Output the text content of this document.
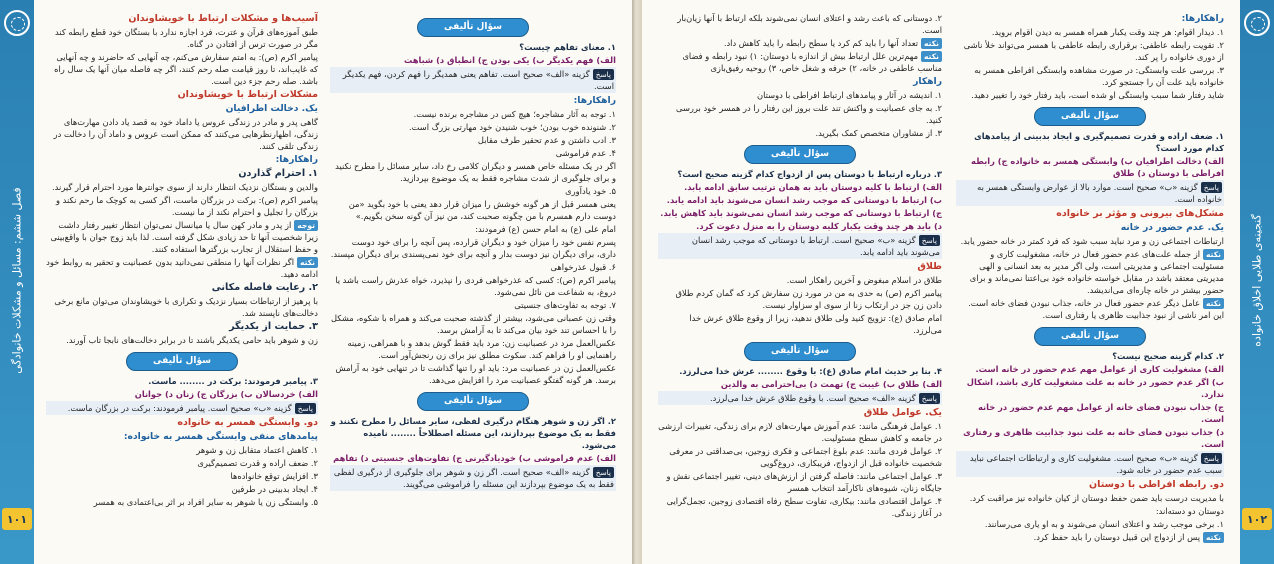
آسیب‌ها و مشکلات ارتباط با خویشاوندان
طبق آموزه‌های قرآن و عترت، فرد اجازه ندارد با بستگان خود قطع رابطه کند مگر در صورت ترس از افتادن در گناه.
پیامبر اکرم (ص): به امتم سفارش می‌کنم، چه آنهایی که حاضرند و چه آنهایی که غایب‌اند، تا روز قیامت صله رحم کنند، اگر چه فاصله میان آنها یک سال راه باشد. صله رحم جزء دین است.
مشکلات ارتباط با خویشاوندان
یک. دخالت اطرافیان
گاهی پدر و مادر در زندگی عروس یا داماد خود به قصد یاد دادن مهارت‌های زندگی، اظهارنظرهایی می‌کنند که ممکن است عروس و داماد آن را دخالت در زندگی تلقی کنند.
راهکارها:
۱. احترام گذاردن
والدین و بستگان نزدیک انتظار دارند از سوی جوانترها مورد احترام قرار گیرند.
پیامبر اکرم (ص): برکت در بزرگان ماست، اگر کسی به کوچک ما رحم نکند و بزرگان را تجلیل و احترام نکند از ما نیست.
توجهاز پدر و مادر کهن سال یا میانسال نمی‌توان انتظار تغییر رفتار داشت زیرا شخصیت آنها تا حد زیادی شکل گرفته است. لذا باید زوج جوان با واقع‌بینی و حفظ استقلال از تجارب بزرگترها استفاده کنند.
نکتهاگر نظرات آنها را منطقی نمی‌دانید بدون عصبانیت و تحقیر به روابط خود ادامه دهید.
۲. رعایت فاصله مکانی
با پرهیز از ارتباطات بسیار نزدیک و تکراری با خویشاوندان می‌توان مانع برخی دخالت‌های ناپسند شد.
۳. حمایت از یکدیگر
زن و شوهر باید حامی یکدیگر باشند تا در برابر دخالت‌های نابجا تاب آورند.
سؤال تألیفی
۳. پیامبر فرمودند: برکت در ........ ماست.
الف) خردسالان ب) بزرگان ج) زنان د) جوانان
پاسخگزینه «ب» صحیح است. پیامبر فرمودند: برکت در بزرگان ماست.
دو. وابستگی همسر به خانواده
پیامدهای منفی وابستگی همسر به خانواده:
۱. کاهش اعتماد متقابل زن و شوهر
۲. ضعف اراده و قدرت تصمیم‌گیری
۳. افزایش توقع خانواده‌ها
۴. ایجاد بدبینی در طرفین
۵. وابستگی زن یا شوهر به سایر افراد بر اثر بی‌اعتمادی به همسر
سؤال تألیفی
۱. معنای تفاهم چیست؟
الف) فهم یکدیگر ب) یکی بودن ج) انطباق د) شباهت
پاسخگزینه «الف» صحیح است. تفاهم یعنی همدیگر را فهم کردن، فهم یکدیگر است.
راهکارها:
۱. توجه به آثار مشاجره؛ هیچ کس در مشاجره برنده نیست.
۲. شنونده خوب بودن؛ خوب شنیدن خود مهارتی بزرگ است.
۳. ادب داشتن و عدم تحقیر طرف مقابل
۴. عدم فراموشی
اگر در یک مسئله خاص همسر و دیگران کلامی رخ داد، سایر مسائل را مطرح نکنید و برای جلوگیری از شدت مشاجره فقط به یک موضوع بپردازید.
۵. خود یادآوری
یعنی همسر قبل از هر گونه خوشش را میزان قرار دهد یعنی با خود بگوید «من دوست دارم همسرم با من چگونه صحبت کند، من نیز آن گونه سخن بگویم.»
امام علی (ع) به امام حسن (ع) فرمودند:
پسرم نفس خود را میزان خود و دیگران قرارده، پس آنچه را برای خود دوست داری، برای دیگران نیز دوست بدار و آنچه برای خود نمی‌پسندی برای دیگران مپسند.
۶. قبول عذرخواهی
پیامبر اکرم (ص): کسی که عذرخواهی فردی را نپذیرد، خواه عذرش راست باشد یا دروغ، به شفاعت من نائل نمی‌شود.
۷. توجه به تفاوت‌های جنسیتی
وقتی زن عصبانی می‌شود، بیشتر از گذشته صحبت می‌کند و همراه با شکوه، مشکل را با احساس تند خود بیان می‌کند تا به آرامش برسد.
عکس‌العمل مرد در عصبانیت زن: مرد باید فقط گوش بدهد و با همراهی، زمینه راهنمایی او را فراهم کند. سکوت مطلق نیز برای زن رنجش‌آور است.
عکس‌العمل زن در عصبانیت مرد: باید او را تنها گذاشت تا در تنهایی خود به آرامش برسد. هر گونه گفتگو عصبانیت مرد را افزایش می‌دهد.
سؤال تألیفی
۲. اگر زن و شوهر هنگام درگیری لفظی، سایر مسائل را مطرح نکنند و فقط به یک موضوع بپردازند، این مسئله اصطلاحاً ........ نامیده می‌شود.
الف) عدم فراموشی ب) خودیادگیرنی ج) تفاوت‌های جنسیتی د) تفاهم
پاسخگزینه «الف» صحیح است. اگر زن و شوهر برای جلوگیری از درگیری لفظی فقط به یک موضوع بپردازند این مسئله را فراموشی می‌گویند.
فصل ششم: مسائل و مشکلات خانوادگی
۱۰۱
۲. دوستانی که باعث رشد و اعتلای انسان نمی‌شوند بلکه ارتباط با آنها زیان‌بار است.
نکتهتعداد آنها را باید کم کرد یا سطح رابطه را باید کاهش داد.
نکتهمهم‌ترین علل ارتباط بیش از اندازه با دوستان: ۱) نبود رابطه و فضای مناسب عاطفی در خانه، ۲) حرفه و شغل خاص، ۳) روحیه رفیق‌بازی
راهکار
۱. اندیشه در آثار و پیامدهای ارتباط افراطی با دوستان
۲. به جای عصبانیت و واکنش تند علت بروز این رفتار را در همسر خود بررسی کنید.
۳. از مشاوران متخصص کمک بگیرید.
سؤال تألیفی
۳. درباره ارتباط با دوستان پس از ازدواج کدام گزینه صحیح است؟
الف) ارتباط با کلیه دوستان باید به همان ترتیب سابق ادامه یابد.
ب) ارتباط با دوستانی که موجب رشد انسان می‌شوند باید ادامه یابد.
ج) ارتباط با دوستانی که موجب رشد انسان نمی‌شوند باید کاهش یابد.
د) باید هر چند وقت یکبار کلیه دوستان را به منزل دعوت کرد.
پاسخگزینه «ب» صحیح است. ارتباط با دوستانی که موجب رشد انسان می‌شوند باید ادامه یابد.
طلاق
طلاق در اسلام مبغوض و آخرین راهکار است.
پیامبر اکرم (ص) به حدی به من در مورد زن سفارش کرد که گمان کردم طلاق دادن زن جز در ارتکاب زنا از سوی او سزاوار نیست.
امام صادق (ع): تزویج کنید ولی طلاق ندهید، زیرا از وقوع طلاق عرش خدا می‌لرزد.
سؤال تألیفی
۴. بنا بر حدیث امام صادق (ع): با وقوع ........ عرش خدا می‌لرزد.
الف) طلاق ب) غیبت ج) تهمت د) بی‌احترامی به والدین
پاسخگزینه «الف» صحیح است. با وقوع طلاق عرش خدا می‌لرزد.
یک. عوامل طلاق
۱. عوامل فرهنگی مانند: عدم آموزش مهارت‌های لازم برای زندگی، تغییرات ارزشی در جامعه و کاهش سطح مسئولیت.
۲. عوامل فردی مانند: عدم بلوغ اجتماعی و فکری زوجین، بی‌صداقتی در معرفی شخصیت خانواده قبل از ازدواج، فریبکاری، دروغ‌گویی
۳. عوامل اجتماعی مانند: فاصله گرفتن از ارزش‌های دینی، تغییر اجتماعی نقش و جایگاه زنان، شیوه‌های ناکارآمد انتخاب همسر
۴. عوامل اقتصادی مانند: بیکاری، تفاوت سطح رفاه اقتصادی زوجین، تجمل‌گرایی در آغاز زندگی.
راهکارها:
۱. دیدار اقوام: هر چند وقت یکبار همراه همسر به دیدن اقوام بروید.
۲. تقویت رابطه عاطفی: برقراری رابطه عاطفی با همسر می‌تواند خلأ ناشی از دوری خانواده را پر کند.
۳. بررسی علت وابستگی: در صورت مشاهده وابستگی افراطی همسر به خانواده باید علت آن را جستجو کرد.
شاید رفتار شما سبب وابستگی او شده است، باید رفتار خود را تغییر دهید.
سؤال تألیفی
۱. ضعف اراده و قدرت تصمیم‌گیری و ایجاد بدبینی از پیامدهای کدام مورد است؟
الف) دخالت اطرافیان ب) وابستگی همسر به خانواده ج) رابطه افراطی با دوستان د) طلاق
پاسخگزینه «ب» صحیح است. موارد بالا از عوارض وابستگی همسر به خانواده است.
مشکل‌های بیرونی و مؤثر بر خانواده
یک. عدم حضور در خانه
ارتباطات اجتماعی زن و مرد نباید سبب شود که فرد کمتر در خانه حضور یابد.
نکتهاز جمله علت‌های عدم حضور فعال در خانه، مشغولیت کاری و مسئولیت اجتماعی و مدیریتی است، ولی اگر مدیر به بعد انسانی و الهی مدیریتی معتقد باشد در مقابل خواسته خانواده خود بی‌اعتنا نمی‌ماند و برای حضور بیشتر در خانه چاره‌ای می‌اندیشد.
نکتهعامل دیگر عدم حضور فعال در خانه، جذاب نبودن فضای خانه است. این امر ناشی از نبود جذابیت ظاهری یا رفتاری است.
سؤال تألیفی
۲. کدام گزینه صحیح نیست؟
الف) مشغولیت کاری از عوامل مهم عدم حضور در خانه است.
ب) اگر عدم حضور در خانه به علت مشغولیت کاری باشد، اشکال ندارد.
ج) جذاب نبودن فضای خانه از عوامل مهم عدم حضور در خانه است.
د) جذاب نبودن فضای خانه به علت نبود جذابیت ظاهری و رفتاری است.
پاسخگزینه «ب» صحیح است. مشغولیت کاری و ارتباطات اجتماعی نباید سبب عدم حضور در خانه شود.
دو. رابطه افراطی با دوستان
با مدیریت درست باید ضمن حفظ دوستان از کیان خانواده نیز مراقبت کرد.
دوستان دو دسته‌اند:
۱. برخی موجب رشد و اعتلای انسان می‌شوند و به او یاری می‌رسانند.
نکتهپس از ازدواج این قبیل دوستان را باید حفظ کرد.
گنجینه‌ی طلایی اخلاق خانواده
۱۰۲
